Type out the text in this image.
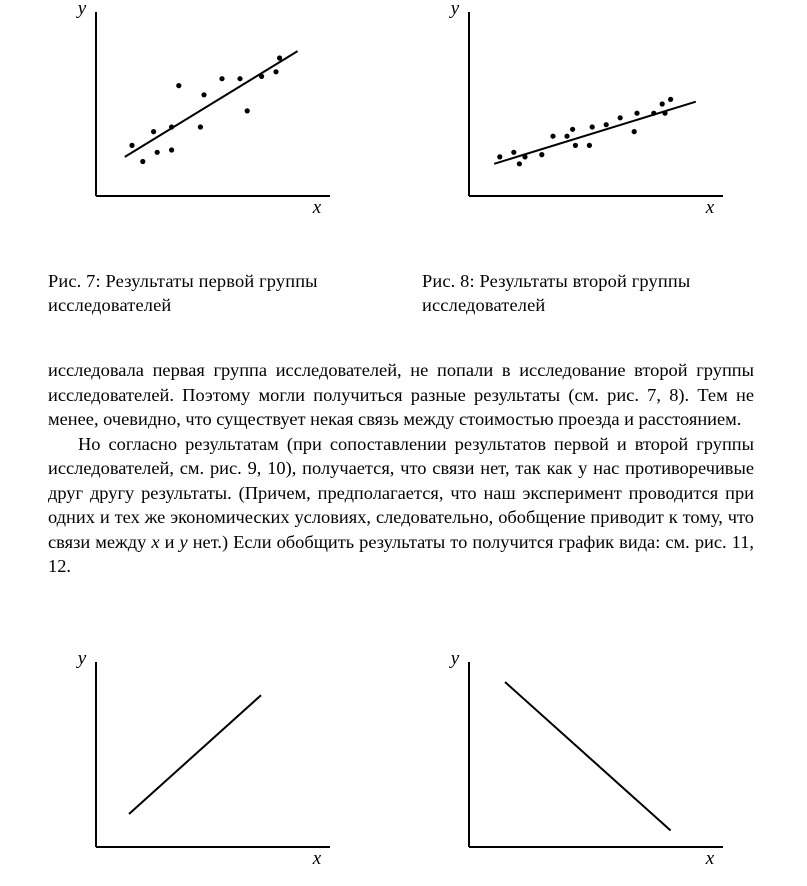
y
x
Рис. 7: Результаты первой группы исследователей
y
x
Рис. 8: Результаты второй группы исследователей

исследовала первая группа исследователей, не попали в исследование второй группы исследователей. Поэтому могли получиться разные результаты (см. рис. 7, 8). Тем не менее, очевидно, что существует некая связь между стоимостью проезда и расстоянием.

Но согласно результатам (при сопоставлении результатов первой и второй группы исследователей, см. рис. 9, 10), получается, что связи нет, так как у нас противоречивые друг другу результаты. (Причем, предполагается, что наш эксперимент проводится при одних и тех же экономических условиях, следовательно, обобщение приводит к тому, что связи между x и y нет.) Если обобщить результаты то получится график вида: см. рис. 11, 12.

y
x
y
x
